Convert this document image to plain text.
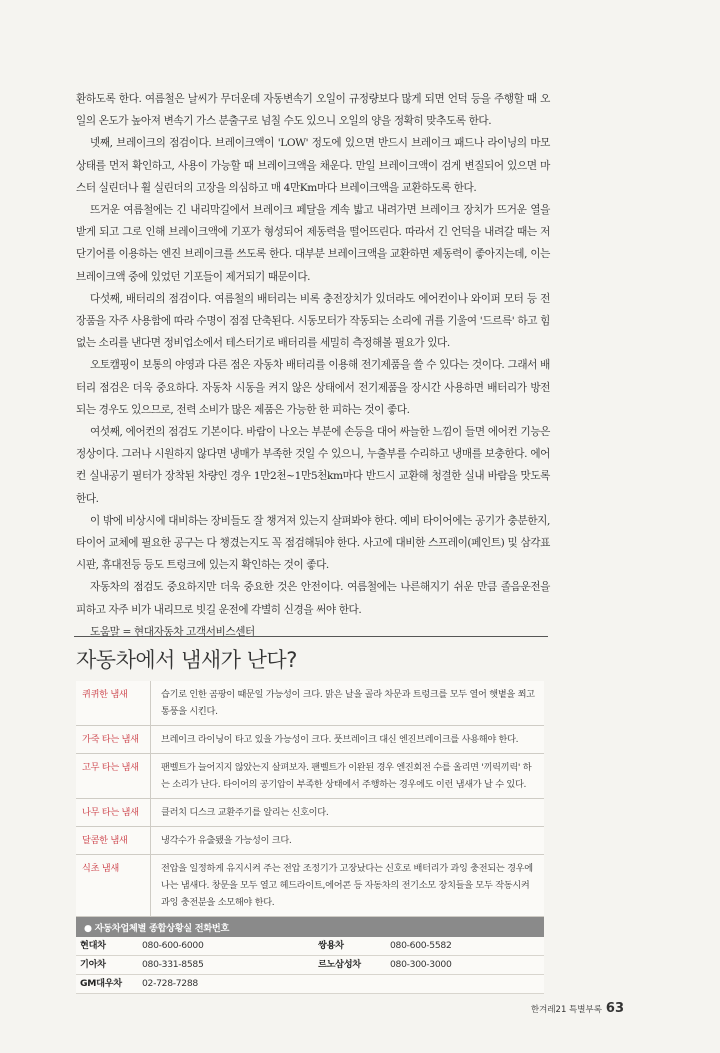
환하도록 한다. 여름철은 날씨가 무더운데 자동변속기 오일이 규정량보다 많게 되면 언덕 등을 주행할 때 오일의 온도가 높아져 변속기 가스 분출구로 넘칠 수도 있으니 오일의 양을 정확히 맞추도록 한다.

넷째, 브레이크의 점검이다. 브레이크액이 'LOW' 정도에 있으면 반드시 브레이크 패드나 라이닝의 마모 상태를 먼저 확인하고, 사용이 가능할 때 브레이크액을 채운다. 만일 브레이크액이 검게 변질되어 있으면 마스터 실린더나 휠 실린더의 고장을 의심하고 매 4만Km마다 브레이크액을 교환하도록 한다.

뜨거운 여름철에는 긴 내리막길에서 브레이크 페달을 계속 밟고 내려가면 브레이크 장치가 뜨거운 열을 받게 되고 그로 인해 브레이크액에 기포가 형성되어 제동력을 떨어뜨린다. 따라서 긴 언덕을 내려갈 때는 저단기어를 이용하는 엔진 브레이크를 쓰도록 한다. 대부분 브레이크액을 교환하면 제동력이 좋아지는데, 이는 브레이크액 중에 있었던 기포들이 제거되기 때문이다.

다섯째, 배터리의 점검이다. 여름철의 배터리는 비록 충전장치가 있더라도 에어컨이나 와이퍼 모터 등 전장품을 자주 사용함에 따라 수명이 점점 단축된다. 시동모터가 작동되는 소리에 귀를 기울여 '드르륵' 하고 힘없는 소리를 낸다면 정비업소에서 테스터기로 배터리를 세밀히 측정해볼 필요가 있다.

오토캠핑이 보통의 야영과 다른 점은 자동차 배터리를 이용해 전기제품을 쓸 수 있다는 것이다. 그래서 배터리 점검은 더욱 중요하다. 자동차 시동을 켜지 않은 상태에서 전기제품을 장시간 사용하면 배터리가 방전되는 경우도 있으므로, 전력 소비가 많은 제품은 가능한 한 피하는 것이 좋다.

여섯째, 에어컨의 점검도 기본이다. 바람이 나오는 부분에 손등을 대어 싸늘한 느낌이 들면 에어컨 기능은 정상이다. 그러나 시원하지 않다면 냉매가 부족한 것일 수 있으니, 누출부를 수리하고 냉매를 보충한다. 에어컨 실내공기 필터가 장착된 차량인 경우 1만2천~1만5천km마다 반드시 교환해 청결한 실내 바람을 맛도록 한다.

이 밖에 비상시에 대비하는 장비들도 잘 챙겨져 있는지 살펴봐야 한다. 예비 타이어에는 공기가 충분한지, 타이어 교체에 필요한 공구는 다 챙겼는지도 꼭 점검해둬야 한다. 사고에 대비한 스프레이(페인트) 및 삼각표시판, 휴대전등 등도 트렁크에 있는지 확인하는 것이 좋다.

자동차의 점검도 중요하지만 더욱 중요한 것은 안전이다. 여름철에는 나른해지기 쉬운 만큼 졸음운전을 피하고 자주 비가 내리므로 빗길 운전에 각별히 신경을 써야 한다.

도움말 = 현대자동차 고객서비스센터

자동차에서 냄새가 난다?
퀴퀴한 냄새	습기로 인한 곰팡이 때문일 가능성이 크다. 맑은 날을 골라 차문과 트렁크를 모두 열어 햇볕을 쬐고 통풍을 시킨다.
가죽 타는 냄새	브레이크 라이닝이 타고 있을 가능성이 크다. 풋브레이크 대신 엔진브레이크를 사용해야 한다.
고무 타는 냄새	팬벨트가 늘어지지 않았는지 살펴보자. 팬벨트가 이완된 경우 엔진회전 수를 올리면 '끼릭끼릭' 하는 소리가 난다. 타이어의 공기압이 부족한 상태에서 주행하는 경우에도 이런 냄새가 날 수 있다.
나무 타는 냄새	클러치 디스크 교환주기를 알리는 신호이다.
달콤한 냄새	냉각수가 유출됐을 가능성이 크다.
식초 냄새	전압을 일정하게 유지시켜 주는 전압 조정기가 고장났다는 신호로 배터리가 과잉 충전되는 경우에 나는 냄새다. 창문을 모두 열고 헤드라이트,에어콘 등 자동차의 전기소모 장치들을 모두 작동시켜 과잉 충전분을 소모해야 한다.
● 자동차업체별 종합상황실 전화번호
현대차	080-600-6000	쌍용차	080-600-5582
기아차	080-331-8585	르노삼성차	080-300-3000
GM대우차	02-728-7288
한겨레21 특별부록 63
